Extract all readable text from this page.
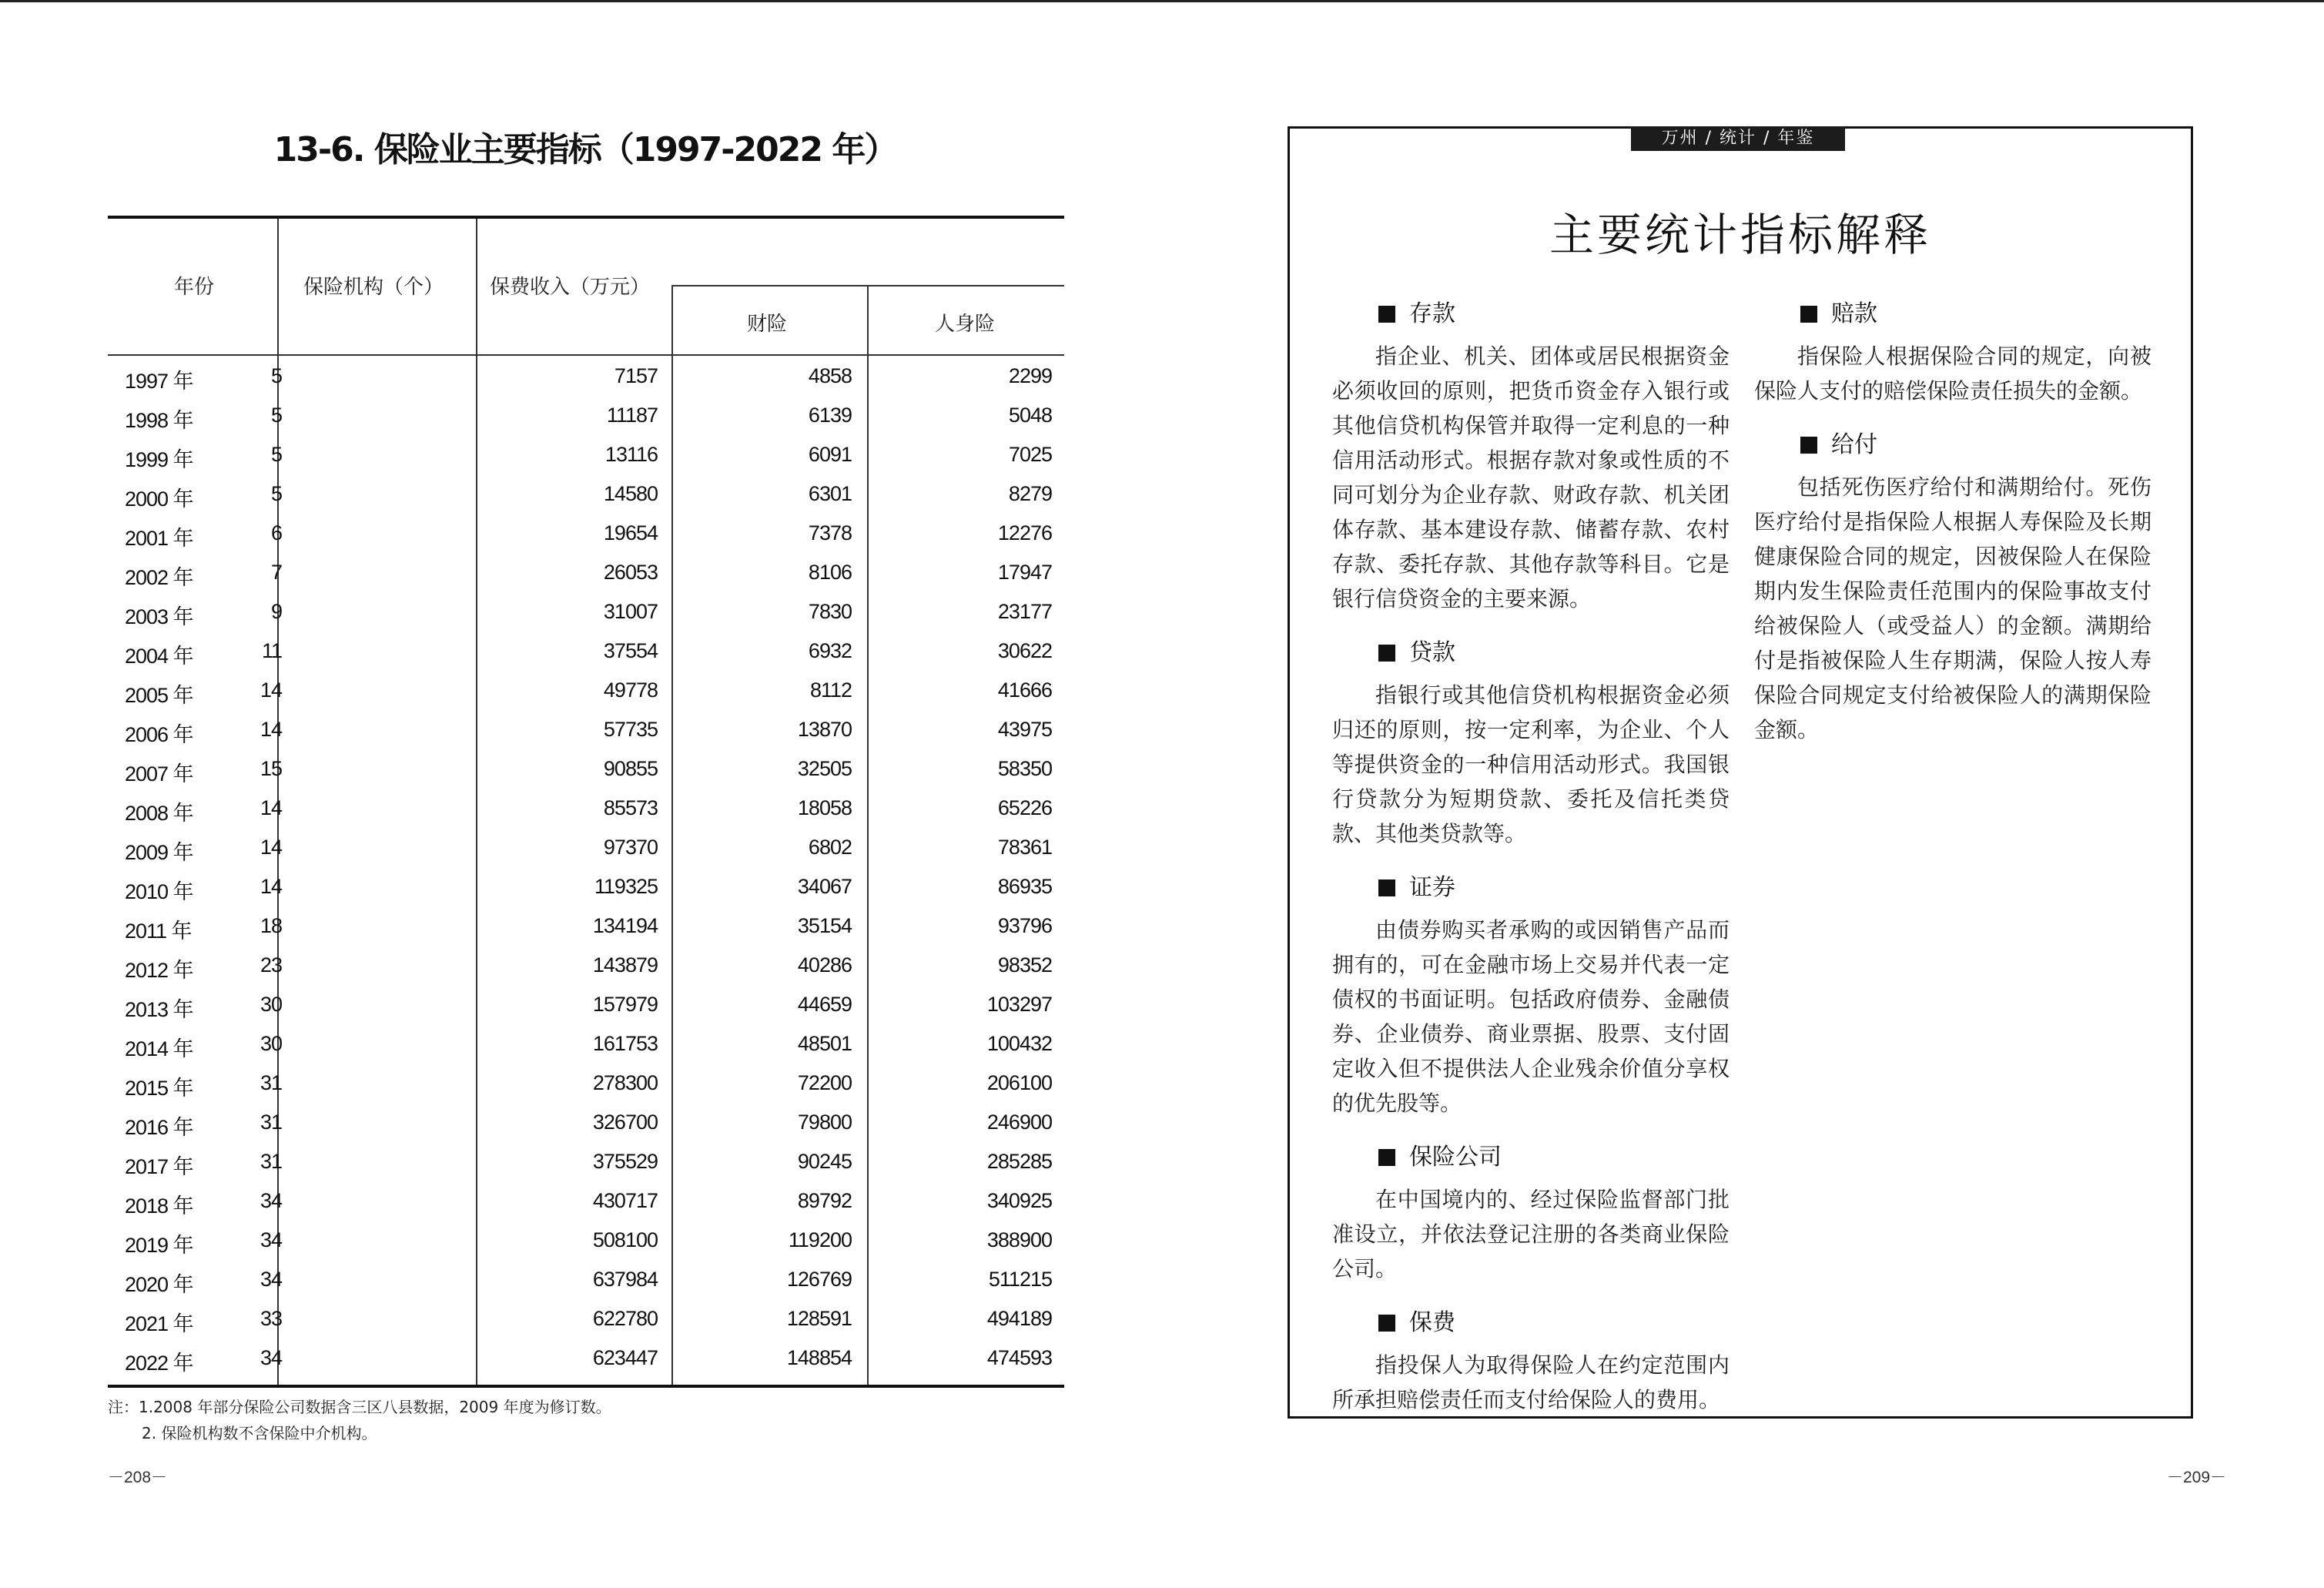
13-6. 保险业主要指标（1997-2022 年）
年份	保险机构（个） 保费收入（万元）
财险	人身险
1997 年	5	7157	4858	2299
1998 年	5	11187	6139	5048
1999 年	5	13116	6091	7025
2000 年	5	14580	6301	8279
2001 年	6	19654	7378	12276
2002 年	7	26053	8106	17947
2003 年	9	31007	7830	23177
2004 年	11	37554	6932	30622
2005 年	14	49778	8112	41666
2006 年	14	57735	13870	43975
2007 年	15	90855	32505	58350
2008 年	14	85573	18058	65226
2009 年	14	97370	6802	78361
2010 年	14	119325	34067	86935
2011 年	18	134194	35154	93796
2012 年	23	143879	40286	98352
2013 年	30	157979	44659	103297
2014 年	30	161753	48501	100432
2015 年	31	278300	72200	206100
2016 年	31	326700	79800	246900
2017 年	31	375529	90245	285285
2018 年	34	430717	89792	340925
2019 年	34	508100	119200	388900
2020 年	34	637984	126769	511215
2021 年	33	622780	128591	494189
2022 年	34	623447	148854	474593
注：1.2008 年部分保险公司数据含三区八县数据，2009 年度为修订数。
2. 保险机构数不含保险中介机构。
－208－
万州 / 统计 / 年鉴
主要统计指标解释
存款
指企业、机关、团体或居民根据资金必须收回的原则，把货币资金存入银行或其他信贷机构保管并取得一定利息的一种信用活动形式。根据存款对象或性质的不同可划分为企业存款、财政存款、机关团体存款、基本建设存款、储蓄存款、农村存款、委托存款、其他存款等科目。它是银行信贷资金的主要来源。
贷款
指银行或其他信贷机构根据资金必须归还的原则，按一定利率，为企业、个人等提供资金的一种信用活动形式。我国银行贷款分为短期贷款、委托及信托类贷款、其他类贷款等。
证券
由债券购买者承购的或因销售产品而拥有的，可在金融市场上交易并代表一定债权的书面证明。包括政府债券、金融债券、企业债券、商业票据、股票、支付固定收入但不提供法人企业残余价值分享权的优先股等。
保险公司
在中国境内的、经过保险监督部门批准设立，并依法登记注册的各类商业保险公司。
保费
指投保人为取得保险人在约定范围内所承担赔偿责任而支付给保险人的费用。
赔款
指保险人根据保险合同的规定，向被保险人支付的赔偿保险责任损失的金额。
给付
包括死伤医疗给付和满期给付。死伤医疗给付是指保险人根据人寿保险及长期健康保险合同的规定，因被保险人在保险期内发生保险责任范围内的保险事故支付给被保险人（或受益人）的金额。满期给付是指被保险人生存期满，保险人按人寿保险合同规定支付给被保险人的满期保险金额。
－209－
